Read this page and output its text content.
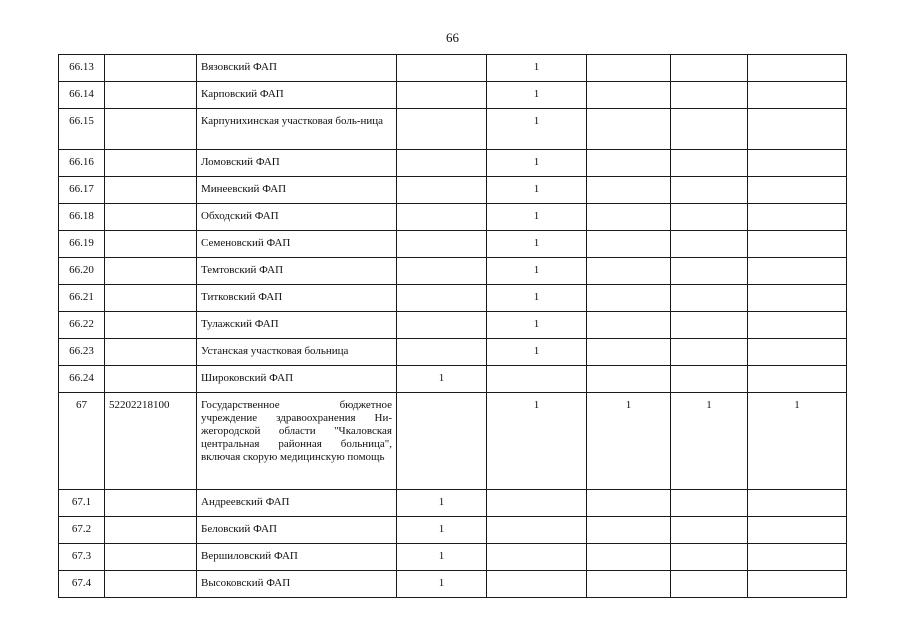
66
66.13		Вязовский ФАП		1			
66.14		Карповский ФАП		1			
66.15		Карпунихинская участковая боль-ница		1			
66.16		Ломовский ФАП		1			
66.17		Минеевский ФАП		1			
66.18		Обходский ФАП		1			
66.19		Семеновский ФАП		1			
66.20		Темтовский ФАП		1			
66.21		Титковский ФАП		1			
66.22		Тулажский ФАП		1			
66.23		Устанская участковая больница		1			
66.24		Широковский ФАП	1				
67	52202218100	Государственное бюджетное учреждение здравоохранения Ни-жегородской области "Чкаловская центральная районная больница", включая скорую медицинскую помощь		1	1	1	1
67.1		Андреевский ФАП	1				
67.2		Беловский ФАП	1				
67.3		Вершиловский ФАП	1				
67.4		Высоковский ФАП	1				
